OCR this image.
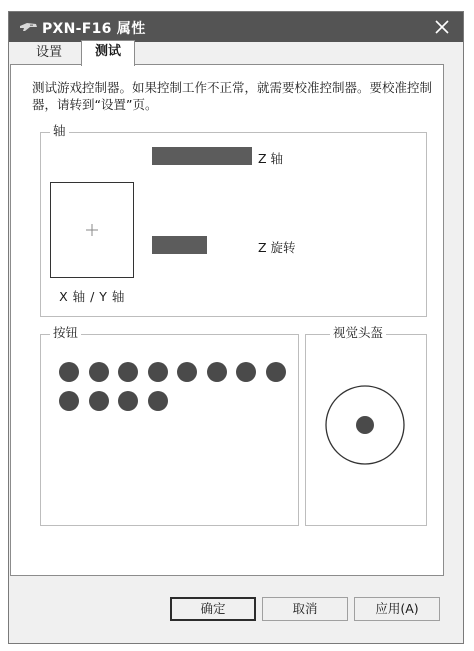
PXN-F16 属性
设置	测试
测试游戏控制器。如果控制工作不正常，就需要校准控制器。要校准控制器，请转到“设置”页。
轴
Z 轴
Z 旋转
X 轴 / Y 轴
按钮	视觉头盔
确定	取消	应用(A)
